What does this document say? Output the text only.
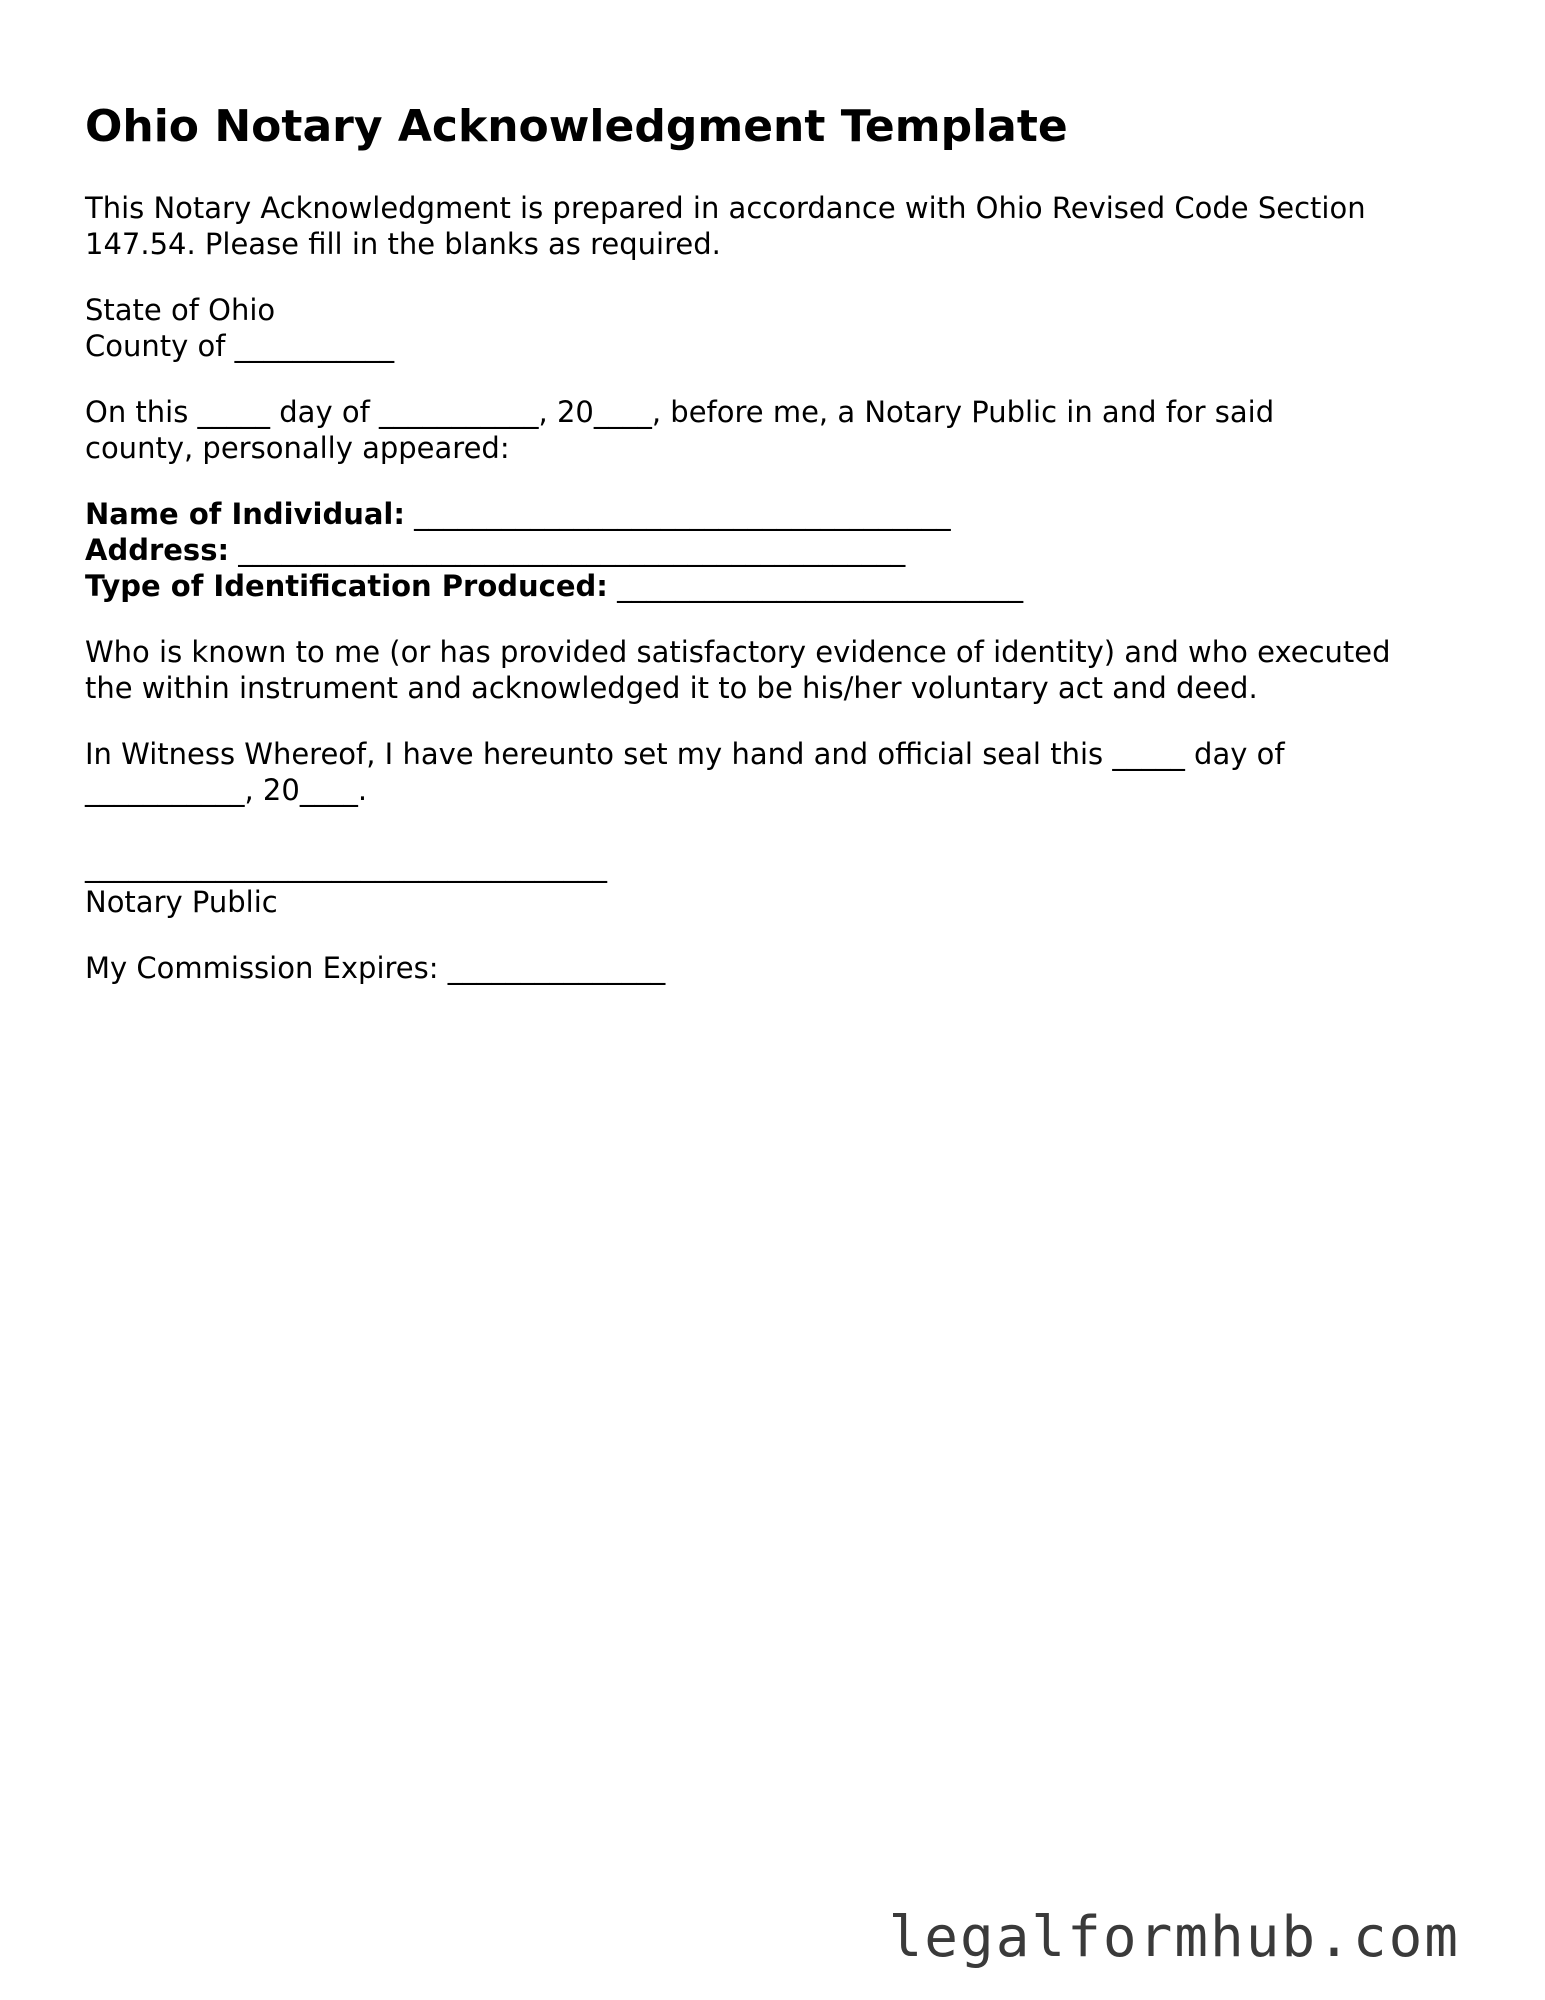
Ohio Notary Acknowledgment Template
This Notary Acknowledgment is prepared in accordance with Ohio Revised Code Section
147.54. Please fill in the blanks as required.
State of Ohio
County of ___________
On this _____ day of ___________, 20____, before me, a Notary Public in and for said
county, personally appeared:
Name of Individual: _____________________________________
Address: ______________________________________________
Type of Identification Produced: ____________________________
Who is known to me (or has provided satisfactory evidence of identity) and who executed
the within instrument and acknowledged it to be his/her voluntary act and deed.
In Witness Whereof, I have hereunto set my hand and official seal this _____ day of
___________, 20____.
____________________________________
Notary Public
My Commission Expires: _______________
legalformhub.com
